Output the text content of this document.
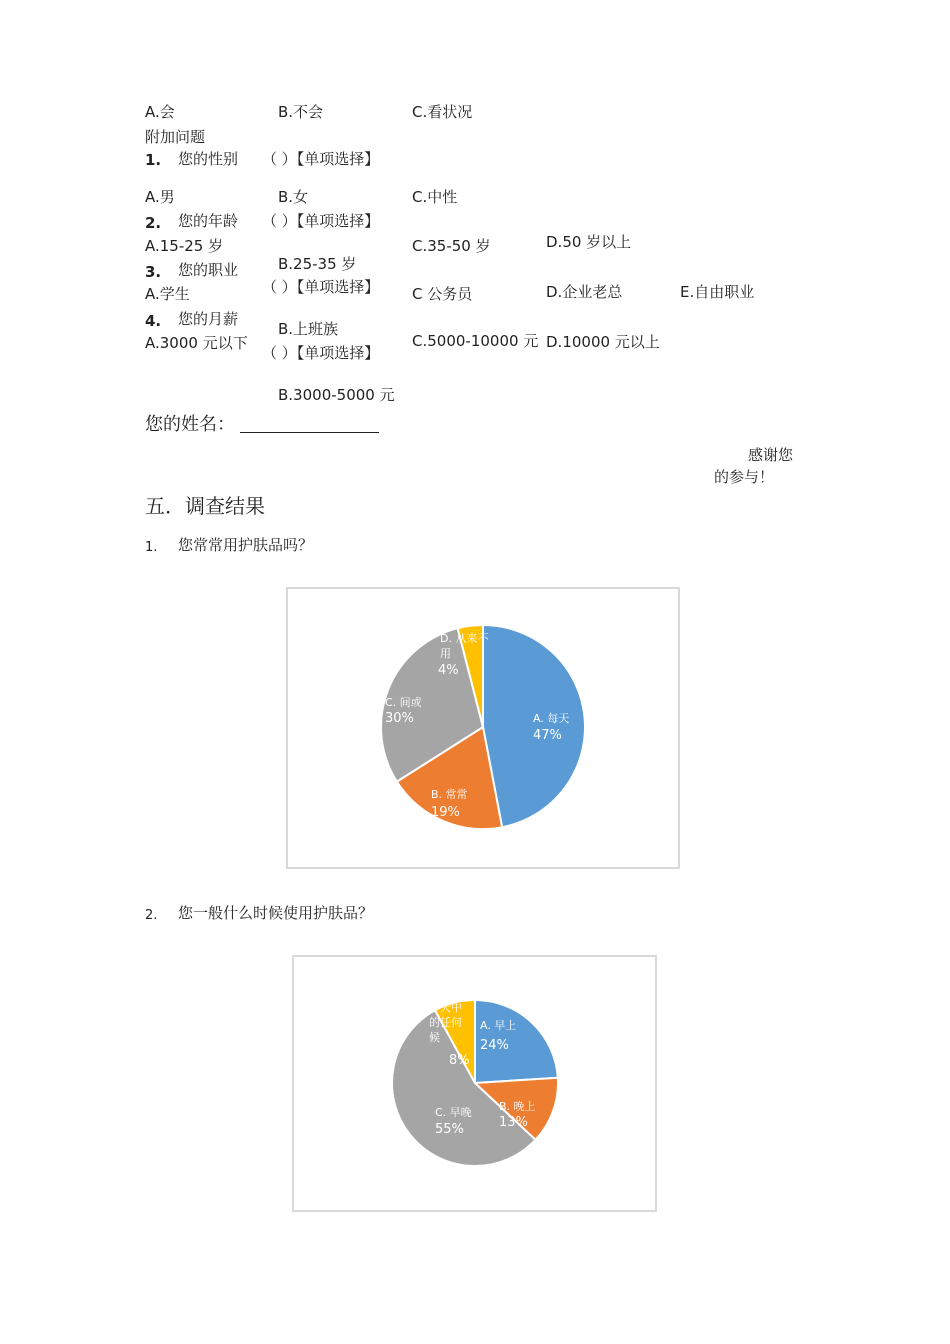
A.会	B.不会	C.看状况
附加问题
1. 您的性别 （ ）【单项选择】
A.男	B.女	C.中性
2. 您的年龄 （ ）【单项选择】
A.15-25 岁
B.25-35 岁
C.35-50 岁	D.50 岁以上
3. 您的职业
（ ）【单项选择】
A.学生
B.上班族
C 公务员	D.企业老总	E.自由职业
4. 您的月薪
（ ）【单项选择】
A.3000 元以下
B.3000-5000 元
C.5000-10000 元 D.10000 元以上
您的姓名：
感谢您
的参与！
五．调查结果
1. 您常常用护肤品吗？
A. 每天
47%
B. 常常
19%
C. 间或
30%
D. 从来不
用
4%
2. 您一般什么时候使用护肤品？
A. 早上
24%
B. 晚上
13%
C. 早晚
55%
一天中
的任何
候
8%
